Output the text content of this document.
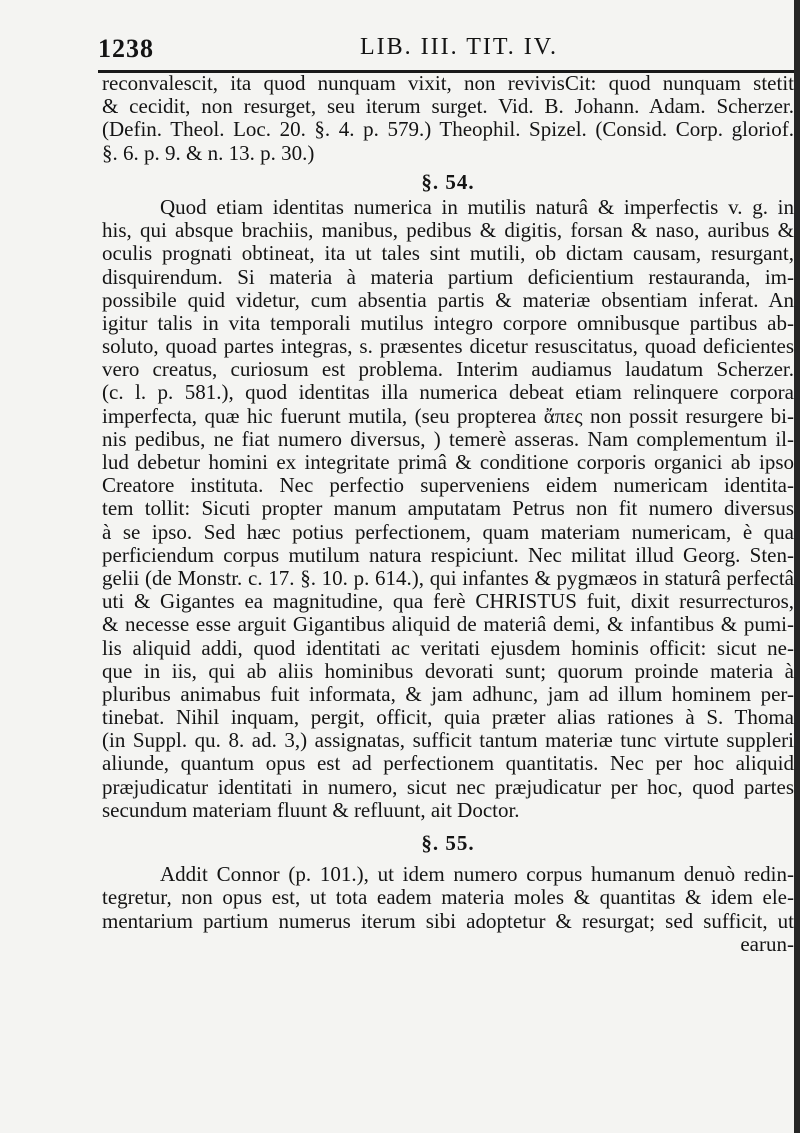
1238	LIB. III. TIT. IV.
reconvalescit, ita quod nunquam vixit, non revivisCit: quod nunquam stetit
& cecidit, non resurget, seu iterum surget. Vid. B. Johann. Adam. Scherzer.
(Defin. Theol. Loc. 20. §. 4. p. 579.) Theophil. Spizel. (Consid. Corp. gloriof.
§. 6. p. 9. & n. 13. p. 30.)
§. 54.
Quod etiam identitas numerica in mutilis naturâ & imperfectis v. g. in
his, qui absque brachiis, manibus, pedibus & digitis, forsan & naso, auribus &
oculis prognati obtineat, ita ut tales sint mutili, ob dictam causam, resurgant,
disquirendum. Si materia à materia partium deficientium restauranda, im-
possibile quid videtur, cum absentia partis & materiæ obsentiam inferat. An
igitur talis in vita temporali mutilus integro corpore omnibusque partibus ab-
soluto, quoad partes integras, s. præsentes dicetur resuscitatus, quoad deficientes
vero creatus, curiosum est problema. Interim audiamus laudatum Scherzer.
(c. l. p. 581.), quod identitas illa numerica debeat etiam relinquere corpora
imperfecta, quæ hic fuerunt mutila, (seu propterea ἄπες non possit resurgere bi-
nis pedibus, ne fiat numero diversus, ) temerè asseras. Nam complementum il-
lud debetur homini ex integritate primâ & conditione corporis organici ab ipso
Creatore instituta. Nec perfectio superveniens eidem numericam identita-
tem tollit: Sicuti propter manum amputatam Petrus non fit numero diversus
à se ipso. Sed hæc potius perfectionem, quam materiam numericam, è qua
perficiendum corpus mutilum natura respiciunt. Nec militat illud Georg. Sten-
gelii (de Monstr. c. 17. §. 10. p. 614.), qui infantes & pygmæos in staturâ perfectâ
uti & Gigantes ea magnitudine, qua ferè CHRISTUS fuit, dixit resurrecturos,
& necesse esse arguit Gigantibus aliquid de materiâ demi, & infantibus & pumi-
lis aliquid addi, quod identitati ac veritati ejusdem hominis officit: sicut ne-
que in iis, qui ab aliis hominibus devorati sunt; quorum proinde materia à
pluribus animabus fuit informata, & jam adhunc, jam ad illum hominem per-
tinebat. Nihil inquam, pergit, officit, quia præter alias rationes à S. Thoma
(in Suppl. qu. 8. ad. 3,) assignatas, sufficit tantum materiæ tunc virtute suppleri
aliunde, quantum opus est ad perfectionem quantitatis. Nec per hoc aliquid
præjudicatur identitati in numero, sicut nec præjudicatur per hoc, quod partes
secundum materiam fluunt & refluunt, ait Doctor.
§. 55.
Addit Connor (p. 101.), ut idem numero corpus humanum denuò redin-
tegretur, non opus est, ut tota eadem materia moles & quantitas & idem ele-
mentarium partium numerus iterum sibi adoptetur & resurgat; sed sufficit, ut
earun-
